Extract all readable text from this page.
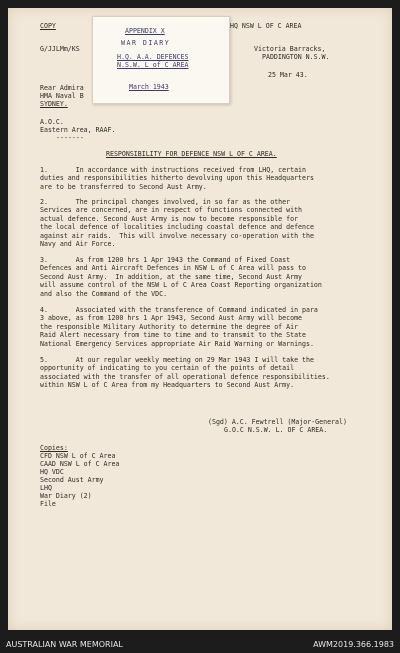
COPY
G/JJLMm/KS
HQ NSW L OF C AREA
Victoria Barracks,
PADDINGTON N.S.W.
25 Mar 43.
Rear Admira
HMA Naval B
SYDNEY.
A.O.C.
Eastern Area, RAAF.
-------
APPENDIX X
WAR DIARY
H.Q. A.A. DEFENCES
N.S.W. L of C AREA
March 1943
RESPONSIBILITY FOR DEFENCE NSW L OF C AREA.
1.       In accordance with instructions received from LHQ, certain
duties and responsibilities hitherto devolving upon this Headquarters
are to be transferred to Second Aust Army.
2.       The principal changes involved, in so far as the other
Services are concerned, are in respect of functions connected with
actual defence. Second Aust Army is now to become responsible for
the local defence of localities including coastal defence and defence
against air raids.  This will involve necessary co-operation with the
Navy and Air Force.
3.       As from 1200 hrs 1 Apr 1943 the Command of Fixed Coast
Defences and Anti Aircraft Defences in NSW L of C Area will pass to
Second Aust Army.  In addition, at the same time, Second Aust Army
will assume control of the NSW L of C Area Coast Reporting organization
and also the Command of the VDC.
4.       Associated with the transference of Command indicated in para
3 above, as from 1200 hrs 1 Apr 1943, Second Aust Army will become
the responsible Military Authority to determine the degree of Air
Raid Alert necessary from time to time and to transmit to the State
National Emergency Services appropriate Air Raid Warning or Warnings.
5.       At our regular weekly meeting on 29 Mar 1943 I will take the
opportunity of indicating to you certain of the points of detail
associated with the transfer of all operational defence responsibilities.
within NSW L of C Area from my Headquarters to Second Aust Army.
(Sgd) A.C. Fewtrell (Major-General)
G.O.C N.S.W. L. OF C AREA.
Copies:
CFD NSW L of C Area
CAAD NSW L of C Area
HQ VDC
Second Aust Army
LHQ
War Diary (2)
File
AUSTRALIAN WAR MEMORIAL	AWM2019.366.1983
